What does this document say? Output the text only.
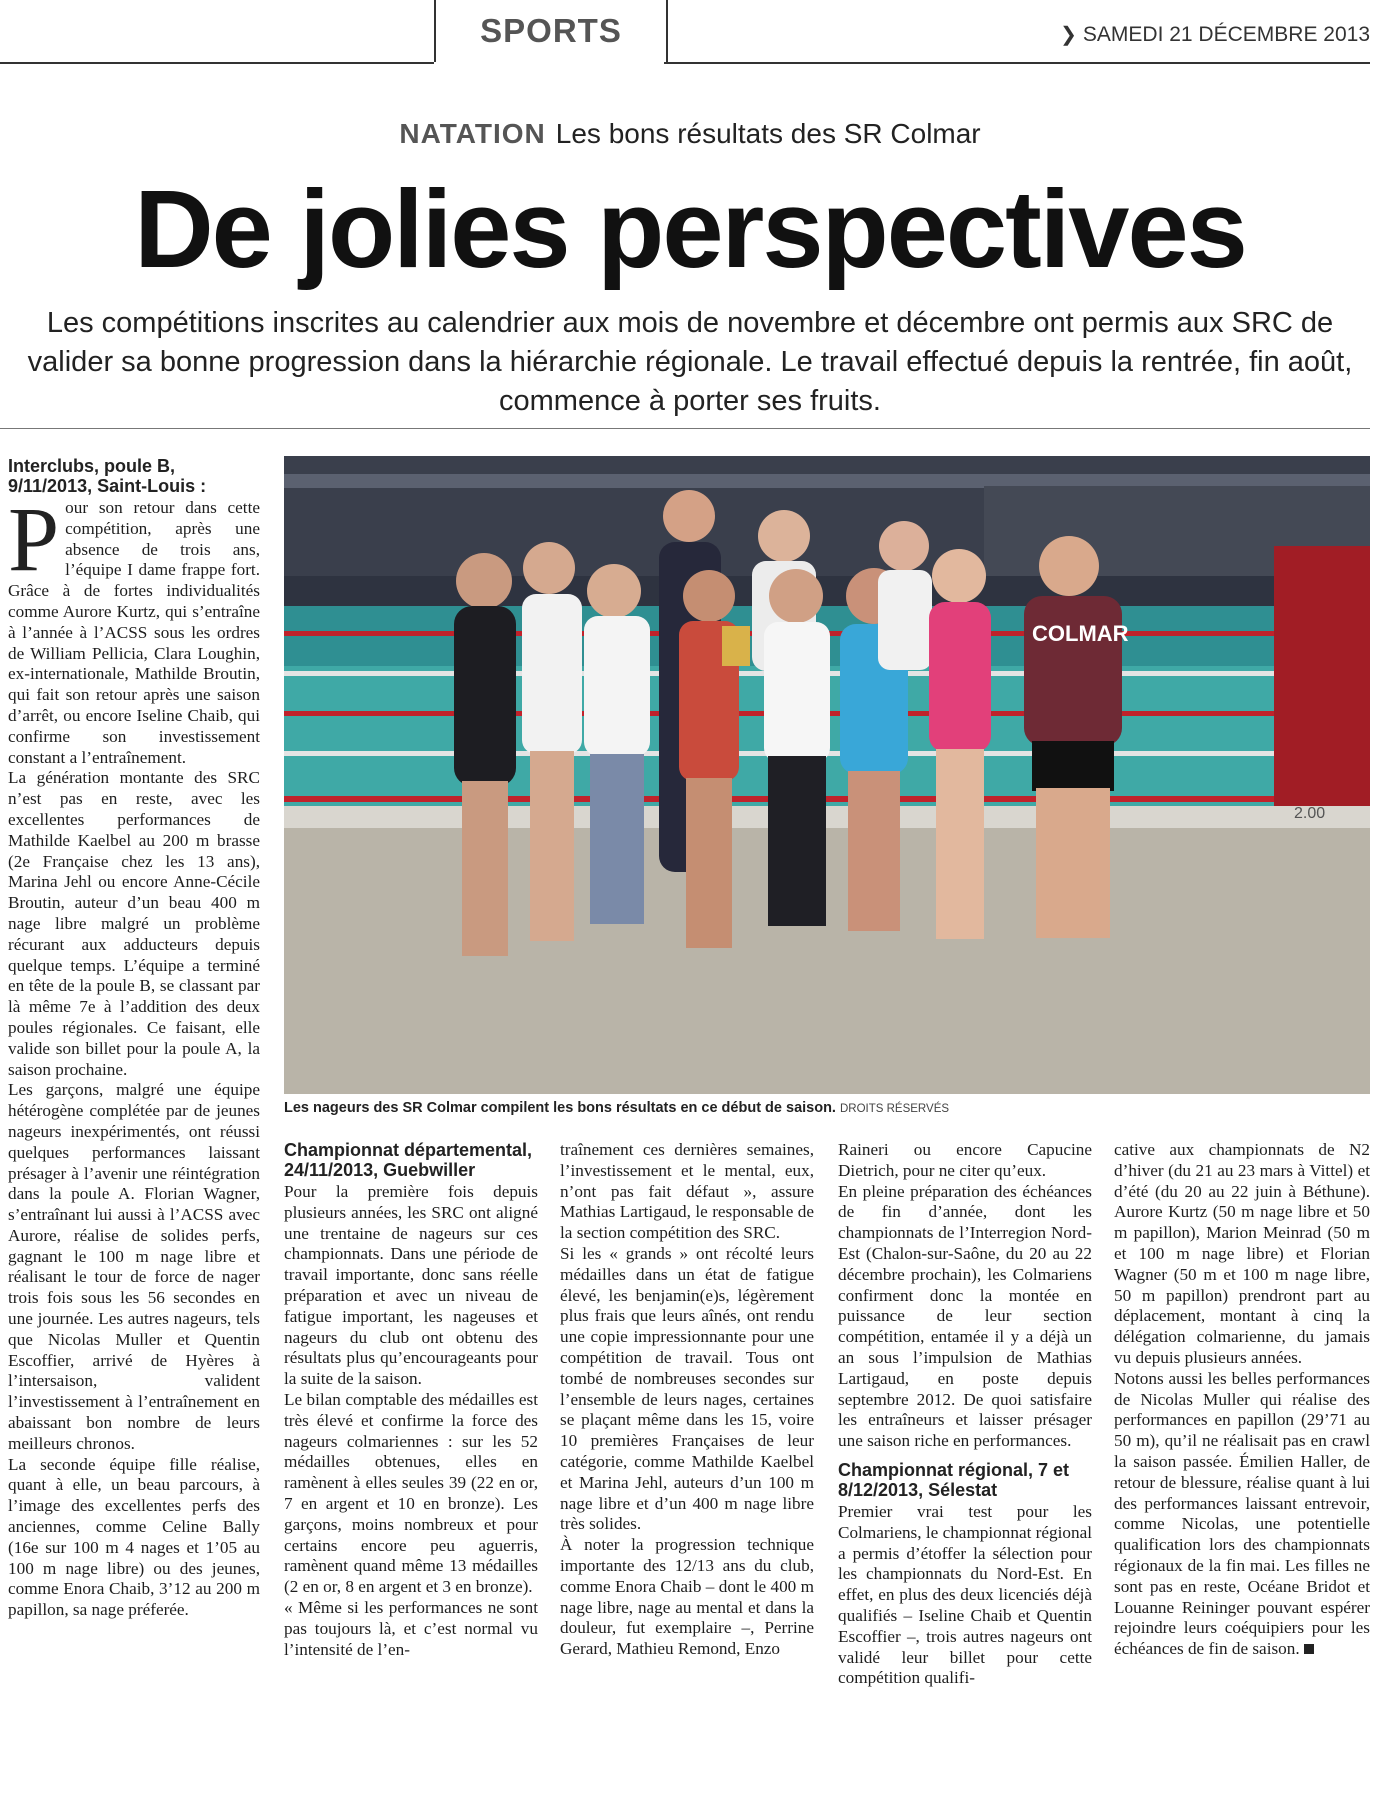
SPORTS	❯ SAMEDI 21 DÉCEMBRE 2013
NATATION Les bons résultats des SR Colmar
De jolies perspectives
Les compétitions inscrites au calendrier aux mois de novembre et décembre ont permis aux SRC de valider sa bonne progression dans la hiérarchie régionale. Le travail effectué depuis la rentrée, fin août, commence à porter ses fruits.

Interclubs, poule B, 9/11/2013, Saint-Louis :

Pour son retour dans cette compétition, après une absence de trois ans, l’équipe I dame frappe fort. Grâce à de fortes individualités comme Aurore Kurtz, qui s’entraîne à l’année à l’ACSS sous les ordres de William Pellicia, Clara Loughin, ex-internationale, Mathilde Broutin, qui fait son retour après une saison d’arrêt, ou encore Iseline Chaib, qui confirme son investissement constant a l’entraînement.

La génération montante des SRC n’est pas en reste, avec les excellentes performances de Mathilde Kaelbel au 200 m brasse (2e Française chez les 13 ans), Marina Jehl ou encore Anne-Cécile Broutin, auteur d’un beau 400 m nage libre malgré un problème récurant aux adducteurs depuis quelque temps. L’équipe a terminé en tête de la poule B, se classant par là même 7e à l’addition des deux poules régionales. Ce faisant, elle valide son billet pour la poule A, la saison prochaine.

Les garçons, malgré une équipe hétérogène complétée par de jeunes nageurs inexpérimentés, ont réussi quelques performances laissant présager à l’avenir une réintégration dans la poule A. Florian Wagner, s’entraînant lui aussi à l’ACSS avec Aurore, réalise de solides perfs, gagnant le 100 m nage libre et réalisant le tour de force de nager trois fois sous les 56 secondes en une journée. Les autres nageurs, tels que Nicolas Muller et Quentin Escoffier, arrivé de Hyères à l’intersaison, valident l’investissement à l’entraînement en abaissant bon nombre de leurs meilleurs chronos.

La seconde équipe fille réalise, quant à elle, un beau parcours, à l’image des excellentes perfs des anciennes, comme Celine Bally (16e sur 100 m 4 nages et 1’05 au 100 m nage libre) ou des jeunes, comme Enora Chaib, 3’12 au 200 m papillon, sa nage préferée.

2.00
COLMAR
Les nageurs des SR Colmar compilent les bons résultats en ce début de saison. DROITS RÉSERVÉS

Championnat départemental, 24/11/2013, Guebwiller

Pour la première fois depuis plusieurs années, les SRC ont aligné une trentaine de nageurs sur ces championnats. Dans une période de travail importante, donc sans réelle préparation et avec un niveau de fatigue important, les nageuses et nageurs du club ont obtenu des résultats plus qu’encourageants pour la suite de la saison.

Le bilan comptable des médailles est très élevé et confirme la force des nageurs colmariennes : sur les 52 médailles obtenues, elles en ramènent à elles seules 39 (22 en or, 7 en argent et 10 en bronze). Les garçons, moins nombreux et pour certains encore peu aguerris, ramènent quand même 13 médailles (2 en or, 8 en argent et 3 en bronze).

« Même si les performances ne sont pas toujours là, et c’est normal vu l’intensité de l’en-

traînement ces dernières semaines, l’investissement et le mental, eux, n’ont pas fait défaut », assure Mathias Lartigaud, le responsable de la section compétition des SRC.

Si les « grands » ont récolté leurs médailles dans un état de fatigue élevé, les benjamin(e)s, légèrement plus frais que leurs aînés, ont rendu une copie impressionnante pour une compétition de travail. Tous ont tombé de nombreuses secondes sur l’ensemble de leurs nages, certaines se plaçant même dans les 15, voire 10 premières Françaises de leur catégorie, comme Mathilde Kaelbel et Marina Jehl, auteurs d’un 100 m nage libre et d’un 400 m nage libre très solides.

À noter la progression technique importante des 12/13 ans du club, comme Enora Chaib – dont le 400 m nage libre, nage au mental et dans la douleur, fut exemplaire –, Perrine Gerard, Mathieu Remond, Enzo

Raineri ou encore Capucine Dietrich, pour ne citer qu’eux.

En pleine préparation des échéances de fin d’année, dont les championnats de l’Interregion Nord-Est (Chalon-sur-Saône, du 20 au 22 décembre prochain), les Colmariens confirment donc la montée en puissance de leur section compétition, entamée il y a déjà un an sous l’impulsion de Mathias Lartigaud, en poste depuis septembre 2012. De quoi satisfaire les entraîneurs et laisser présager une saison riche en performances.

Championnat régional, 7 et 8/12/2013, Sélestat

Premier vrai test pour les Colmariens, le championnat régional a permis d’étoffer la sélection pour les championnats du Nord-Est. En effet, en plus des deux licenciés déjà qualifiés – Iseline Chaib et Quentin Escoffier –, trois autres nageurs ont validé leur billet pour cette compétition qualifi-

cative aux championnats de N2 d’hiver (du 21 au 23 mars à Vittel) et d’été (du 20 au 22 juin à Béthune). Aurore Kurtz (50 m nage libre et 50 m papillon), Marion Meinrad (50 m et 100 m nage libre) et Florian Wagner (50 m et 100 m nage libre, 50 m papillon) prendront part au déplacement, montant à cinq la délégation colmarienne, du jamais vu depuis plusieurs années.

Notons aussi les belles performances de Nicolas Muller qui réalise des performances en papillon (29’71 au 50 m), qu’il ne réalisait pas en crawl la saison passée. Émilien Haller, de retour de blessure, réalise quant à lui des performances laissant entrevoir, comme Nicolas, une potentielle qualification lors des championnats régionaux de la fin mai. Les filles ne sont pas en reste, Océane Bridot et Louanne Reininger pouvant espérer rejoindre leurs coéquipiers pour les échéances de fin de saison.
